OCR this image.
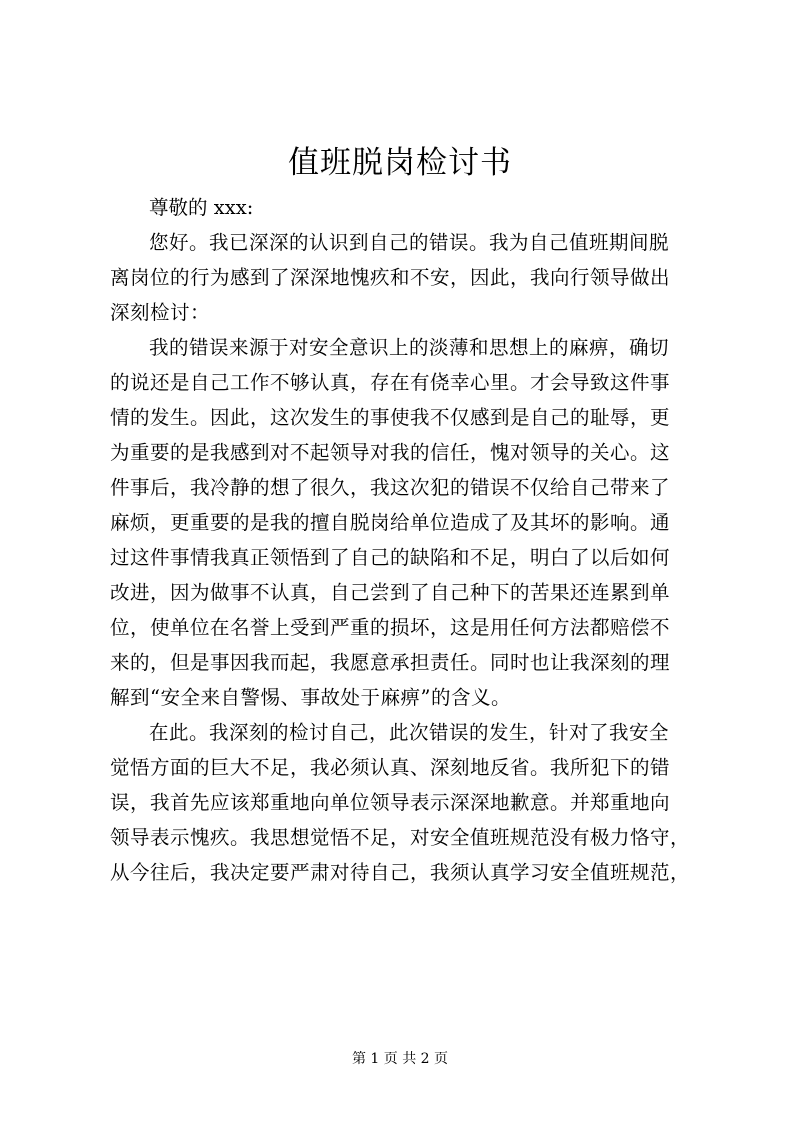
值班脱岗检讨书

尊敬的 xxx:

您好。我已深深的认识到自己的错误。我为自己值班期间脱
离岗位的行为感到了深深地愧疚和不安，因此，我向行领导做出
深刻检讨：

我的错误来源于对安全意识上的淡薄和思想上的麻痹，确切
的说还是自己工作不够认真，存在有侥幸心里。才会导致这件事
情的发生。因此，这次发生的事使我不仅感到是自己的耻辱，更
为重要的是我感到对不起领导对我的信任，愧对领导的关心。这
件事后，我冷静的想了很久，我这次犯的错误不仅给自己带来了
麻烦，更重要的是我的擅自脱岗给单位造成了及其坏的影响。通
过这件事情我真正领悟到了自己的缺陷和不足，明白了以后如何
改进，因为做事不认真，自己尝到了自己种下的苦果还连累到单
位，使单位在名誉上受到严重的损坏，这是用任何方法都赔偿不
来的，但是事因我而起，我愿意承担责任。同时也让我深刻的理
解到“安全来自警惕、事故处于麻痹”的含义。

在此。我深刻的检讨自己，此次错误的发生，针对了我安全
觉悟方面的巨大不足，我必须认真、深刻地反省。我所犯下的错
误，我首先应该郑重地向单位领导表示深深地歉意。并郑重地向
领导表示愧疚。我思想觉悟不足，对安全值班规范没有极力恪守，
从今往后，我决定要严肃对待自己，我须认真学习安全值班规范，

第 1 页 共 2 页
